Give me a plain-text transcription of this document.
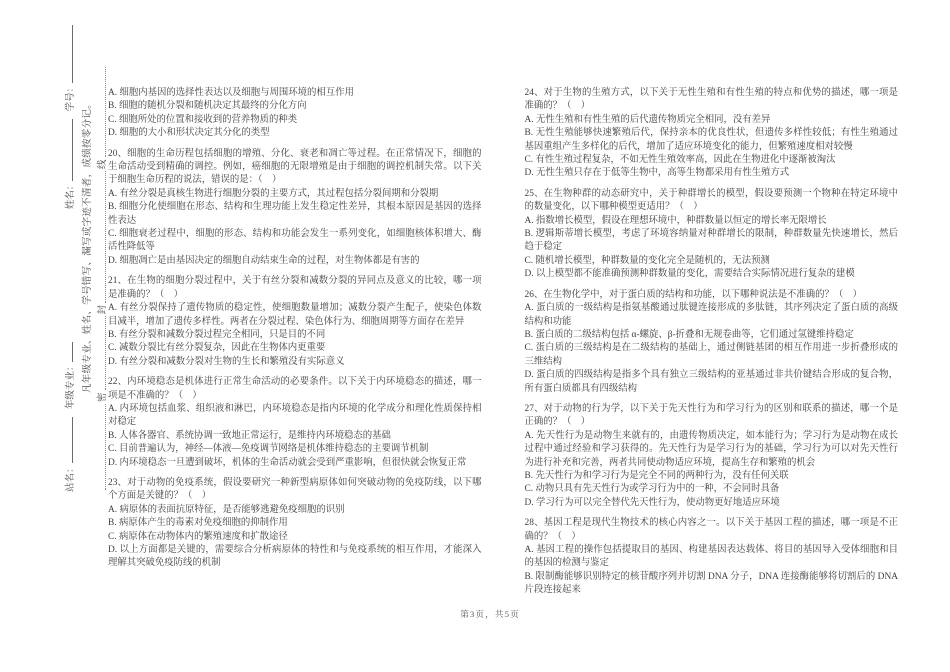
站名： 年级专业： 姓名： 学号：
凡年级专业、姓名、学号错写、漏写或字迹不清者，成绩按零分记。
密封线
A. 细胞内基因的选择性表达以及细胞与周围环境的相互作用
B. 细胞的随机分裂和随机决定其最终的分化方向
C. 细胞所处的位置和接收到的营养物质的种类
D. 细胞的大小和形状决定其分化的类型
20、细胞的生命历程包括细胞的增殖、分化、衰老和凋亡等过程。在正常情况下，细胞的生命活动受到精确的调控。例如，癌细胞的无限增殖是由于细胞的调控机制失常。以下关于细胞生命历程的说法，错误的是：（　）
A. 有丝分裂是真核生物进行细胞分裂的主要方式，其过程包括分裂间期和分裂期
B. 细胞分化使细胞在形态、结构和生理功能上发生稳定性差异，其根本原因是基因的选择性表达
C. 细胞衰老过程中，细胞的形态、结构和功能会发生一系列变化，如细胞核体积增大、酶活性降低等
D. 细胞凋亡是由基因决定的细胞自动结束生命的过程，对生物体都是有害的
21、在生物的细胞分裂过程中，关于有丝分裂和减数分裂的异同点及意义的比较，哪一项是准确的？（　）
A. 有丝分裂保持了遗传物质的稳定性，使细胞数量增加；减数分裂产生配子，使染色体数目减半，增加了遗传多样性。两者在分裂过程、染色体行为、细胞周期等方面存在差异
B. 有丝分裂和减数分裂过程完全相同，只是目的不同
C. 减数分裂比有丝分裂复杂，因此在生物体内更重要
D. 有丝分裂和减数分裂对生物的生长和繁殖没有实际意义
22、内环境稳态是机体进行正常生命活动的必要条件。以下关于内环境稳态的描述，哪一项是不准确的？（　）
A. 内环境包括血浆、组织液和淋巴，内环境稳态是指内环境的化学成分和理化性质保持相对稳定
B. 人体各器官、系统协调一致地正常运行，是维持内环境稳态的基础
C. 目前普遍认为，神经—体液—免疫调节网络是机体维持稳态的主要调节机制
D. 内环境稳态一旦遭到破坏，机体的生命活动就会受到严重影响，但很快就会恢复正常
23、对于动物的免疫系统，假设要研究一种新型病原体如何突破动物的免疫防线，以下哪个方面是关键的？（　）
A. 病原体的表面抗原特征，是否能够逃避免疫细胞的识别
B. 病原体产生的毒素对免疫细胞的抑制作用
C. 病原体在动物体内的繁殖速度和扩散途径
D. 以上方面都是关键的，需要综合分析病原体的特性和与免疫系统的相互作用，才能深入理解其突破免疫防线的机制
24、对于生物的生殖方式，以下关于无性生殖和有性生殖的特点和优势的描述，哪一项是准确的？（　）
A. 无性生殖和有性生殖的后代遗传物质完全相同，没有差异
B. 无性生殖能够快速繁殖后代，保持亲本的优良性状，但遗传多样性较低；有性生殖通过基因重组产生多样化的后代，增加了适应环境变化的能力，但繁殖速度相对较慢
C. 有性生殖过程复杂，不如无性生殖效率高，因此在生物进化中逐渐被淘汰
D. 无性生殖只存在于低等生物中，高等生物都采用有性生殖方式
25、在生物种群的动态研究中，关于种群增长的模型，假设要预测一个物种在特定环境中的数量变化，以下哪种模型更适用？（　）
A. 指数增长模型，假设在理想环境中，种群数量以恒定的增长率无限增长
B. 逻辑斯蒂增长模型，考虑了环境容纳量对种群增长的限制，种群数量先快速增长，然后趋于稳定
C. 随机增长模型，种群数量的变化完全是随机的，无法预测
D. 以上模型都不能准确预测种群数量的变化，需要结合实际情况进行复杂的建模
26、在生物化学中，对于蛋白质的结构和功能，以下哪种说法是不准确的？（　）
A. 蛋白质的一级结构是指氨基酸通过肽键连接形成的多肽链，其序列决定了蛋白质的高级结构和功能
B. 蛋白质的二级结构包括 α-螺旋、β-折叠和无规卷曲等，它们通过氢键维持稳定
C. 蛋白质的三级结构是在二级结构的基础上，通过侧链基团的相互作用进一步折叠形成的三维结构
D. 蛋白质的四级结构是指多个具有独立三级结构的亚基通过非共价键结合形成的复合物，所有蛋白质都具有四级结构
27、对于动物的行为学，以下关于先天性行为和学习行为的区别和联系的描述，哪一个是正确的？（　）
A. 先天性行为是动物生来就有的，由遗传物质决定，如本能行为；学习行为是动物在成长过程中通过经验和学习获得的。先天性行为是学习行为的基础，学习行为可以对先天性行为进行补充和完善，两者共同使动物适应环境，提高生存和繁殖的机会
B. 先天性行为和学习行为是完全不同的两种行为，没有任何关联
C. 动物只具有先天性行为或学习行为中的一种，不会同时具备
D. 学习行为可以完全替代先天性行为，使动物更好地适应环境
28、基因工程是现代生物技术的核心内容之一。以下关于基因工程的描述，哪一项是不正确的？（　）
A. 基因工程的操作包括提取目的基因、构建基因表达载体、将目的基因导入受体细胞和目的基因的检测与鉴定
B. 限制酶能够识别特定的核苷酸序列并切割 DNA 分子，DNA 连接酶能够将切割后的 DNA 片段连接起来
第3页，共5页
